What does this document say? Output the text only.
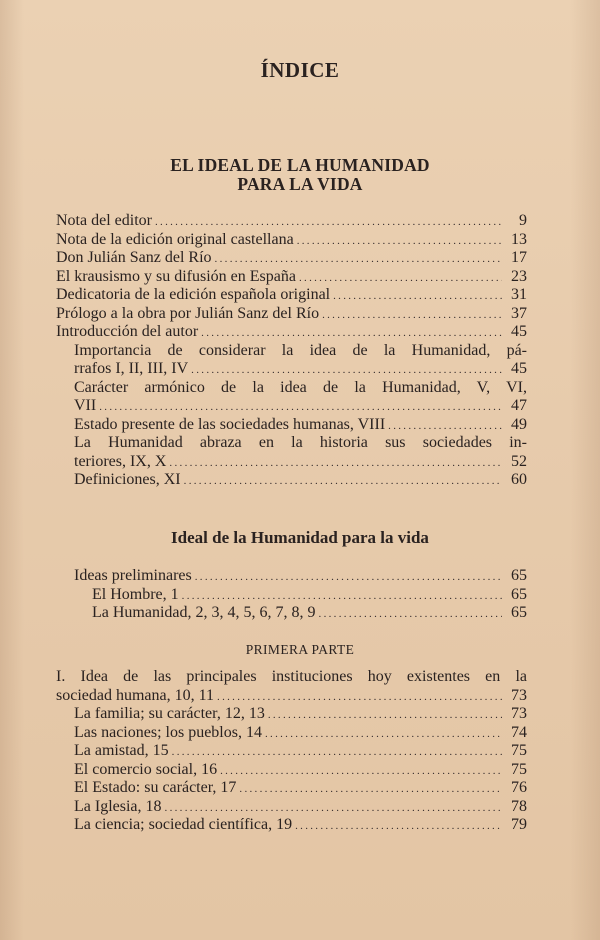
ÍNDICE
EL IDEAL DE LA HUMANIDAD
PARA LA VIDA
Nota del editor .....	9
Nota de la edición original castellana .....	13
Don Julián Sanz del Río .....	17
El krausismo y su difusión en España .....	23
Dedicatoria de la edición española original .....	31
Prólogo a la obra por Julián Sanz del Río .....	37
Introducción del autor .....	45
Importancia de considerar la idea de la Humanidad, pá-
rrafos I, II, III, IV .....	45
Carácter armónico de la idea de la Humanidad, V, VI,
VII .....	47
Estado presente de las sociedades humanas, VIII .....	49
La Humanidad abraza en la historia sus sociedades in-
teriores, IX, X .....	52
Definiciones, XI .....	60
Ideal de la Humanidad para la vida
Ideas preliminares .....	65
El Hombre, 1 .....	65
La Humanidad, 2, 3, 4, 5, 6, 7, 8, 9 .....	65
PRIMERA PARTE
I. Idea de las principales instituciones hoy existentes en la
sociedad humana, 10, 11 .....	73
La familia; su carácter, 12, 13 .....	73
Las naciones; los pueblos, 14 .....	74
La amistad, 15 .....	75
El comercio social, 16 .....	75
El Estado: su carácter, 17 .....	76
La Iglesia, 18 .....	78
La ciencia; sociedad científica, 19 .....	79
